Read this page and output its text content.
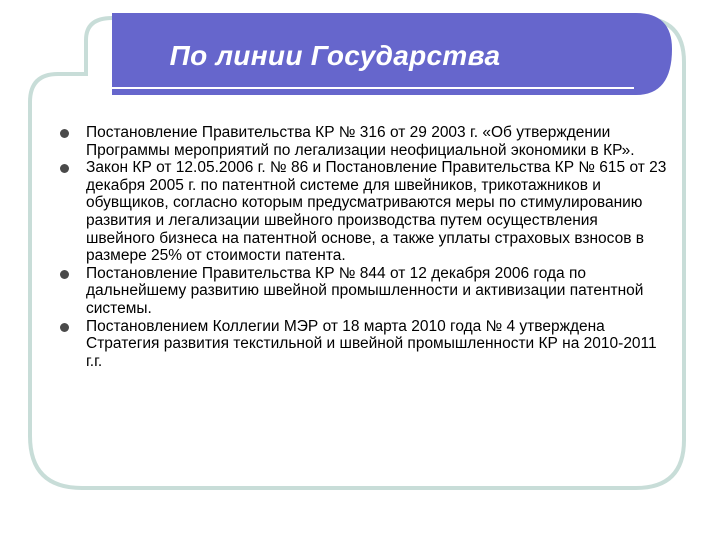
По линии Государства
Постановление Правительства КР № 316 от 29 2003 г. «Об утверждении Программы мероприятий по легализации неофициальной экономики в КР».
Закон КР от 12.05.2006 г. № 86 и Постановление Правительства КР № 615 от 23 декабря 2005 г. по патентной системе для швейников, трикотажников и обувщиков, согласно которым предусматриваются меры по стимулированию развития и легализации швейного производства путем осуществления швейного бизнеса на патентной основе, а также уплаты страховых взносов в размере 25% от стоимости патента.
Постановление Правительства КР № 844 от 12 декабря 2006 года по дальнейшему развитию швейной промышленности и активизации патентной системы.
Постановлением Коллегии МЭР от 18 марта 2010 года № 4 утверждена Стратегия развития текстильной и швейной промышленности КР на 2010-2011 г.г.
